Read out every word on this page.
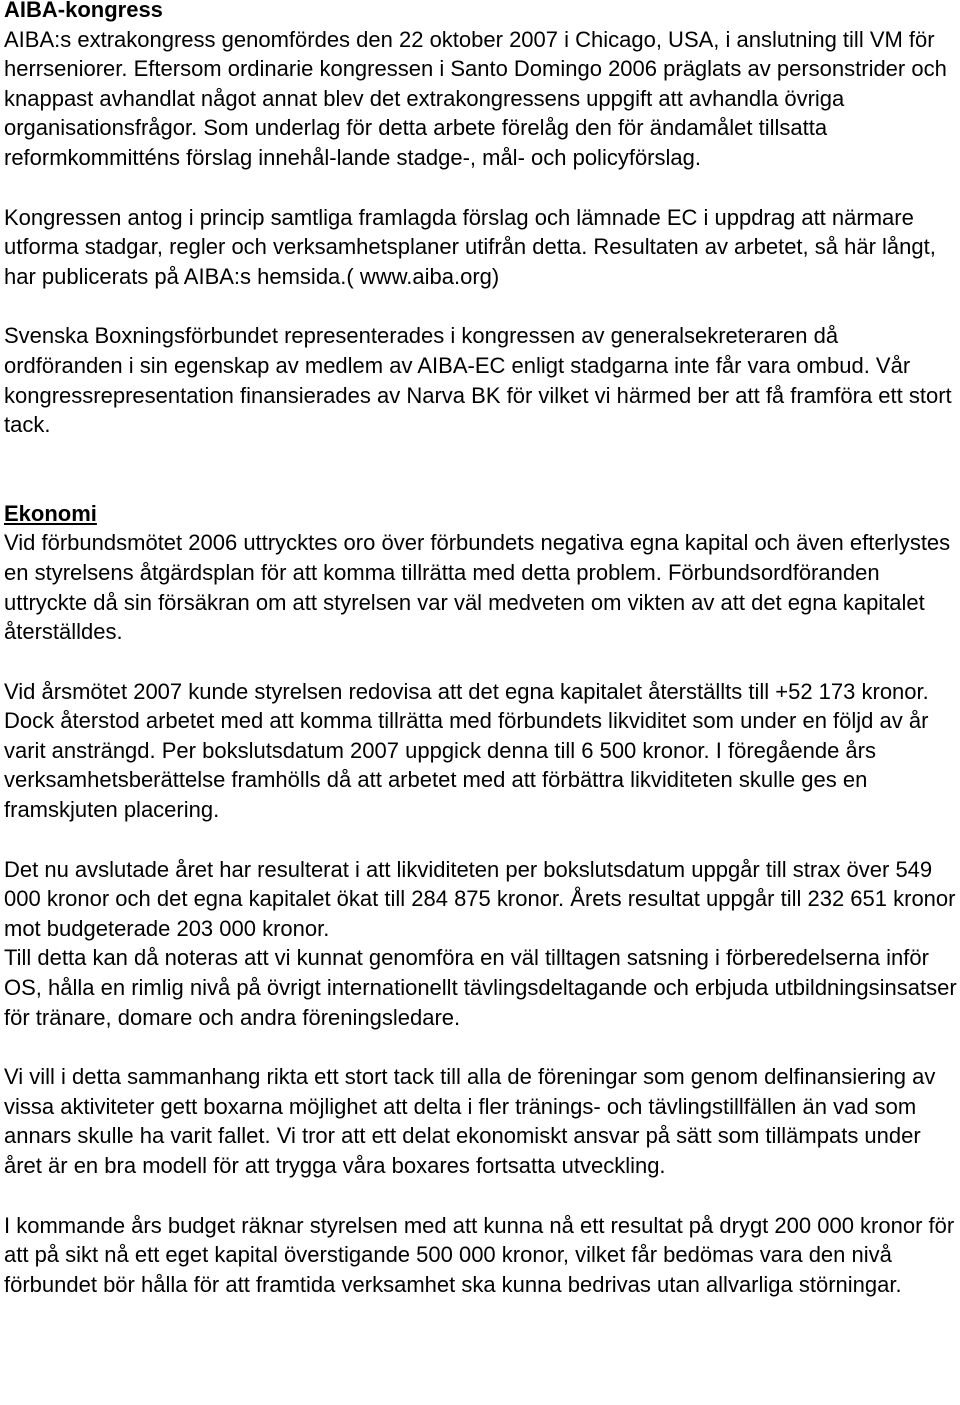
AIBA-kongress

AIBA:s extrakongress genomfördes den 22 oktober 2007 i Chicago, USA, i anslutning till VM för herrseniorer. Eftersom ordinarie kongressen i Santo Domingo 2006 präglats av personstrider och knappast avhandlat något annat blev det extrakongressens uppgift att avhandla övriga organisationsfrågor. Som underlag för detta arbete förelåg den för ändamålet tillsatta reformkommitténs förslag innehål-lande stadge-, mål- och policyförslag.

Kongressen antog i princip samtliga framlagda förslag och lämnade EC i uppdrag att närmare utforma stadgar, regler och verksamhetsplaner utifrån detta. Resultaten av arbetet, så här långt, har publicerats på AIBA:s hemsida.( www.aiba.org)

Svenska Boxningsförbundet representerades i kongressen av generalsekreteraren då ordföranden i sin egenskap av medlem av AIBA-EC enligt stadgarna inte får vara ombud. Vår kongressrepresentation finansierades av Narva BK för vilket vi härmed ber att få framföra ett stort tack.

Ekonomi

Vid förbundsmötet 2006 uttrycktes oro över förbundets negativa egna kapital och även efterlystes en styrelsens åtgärdsplan för att komma tillrätta med detta problem. Förbundsordföranden uttryckte då sin försäkran om att styrelsen var väl medveten om vikten av att det egna kapitalet återställdes.

Vid årsmötet 2007 kunde styrelsen redovisa att det egna kapitalet återställts till +52 173 kronor. Dock återstod arbetet med att komma tillrätta med förbundets likviditet som under en följd av år varit ansträngd. Per bokslutsdatum 2007 uppgick denna till 6 500 kronor. I föregående års verksamhetsberättelse framhölls då att arbetet med att förbättra likviditeten skulle ges en framskjuten placering.

Det nu avslutade året har resulterat i att likviditeten per bokslutsdatum uppgår till strax över 549 000 kronor och det egna kapitalet ökat till 284 875 kronor. Årets resultat uppgår till 232 651 kronor mot budgeterade 203 000 kronor.

Till detta kan då noteras att vi kunnat genomföra en väl tilltagen satsning i förberedelserna inför OS, hålla en rimlig nivå på övrigt internationellt tävlingsdeltagande och erbjuda utbildningsinsatser för tränare, domare och andra föreningsledare.

Vi vill i detta sammanhang rikta ett stort tack till alla de föreningar som genom delfinansiering av vissa aktiviteter gett boxarna möjlighet att delta i fler tränings- och tävlingstillfällen än vad som annars skulle ha varit fallet. Vi tror att ett delat ekonomiskt ansvar på sätt som tillämpats under året är en bra modell för att trygga våra boxares fortsatta utveckling.

I kommande års budget räknar styrelsen med att kunna nå ett resultat på drygt 200 000 kronor för att på sikt nå ett eget kapital överstigande 500 000 kronor, vilket får bedömas vara den nivå förbundet bör hålla för att framtida verksamhet ska kunna bedrivas utan allvarliga störningar.
